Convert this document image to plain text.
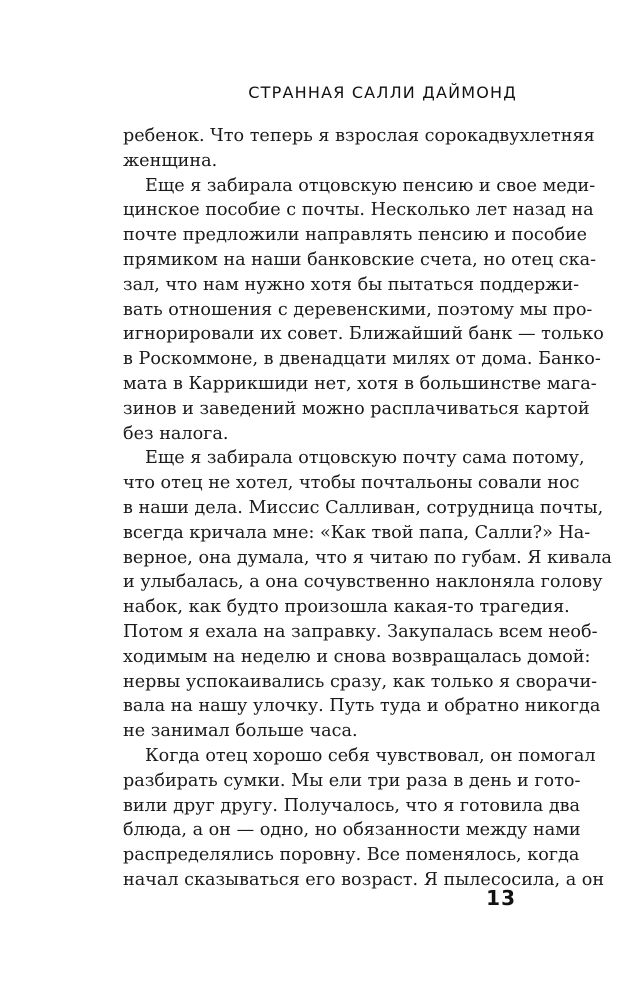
СТРАННАЯ САЛЛИ ДАЙМОНД
ребенок. Что теперь я взрослая сорокадвухлетняя
женщина.
Еще я забирала отцовскую пенсию и свое меди-
цинское пособие с почты. Несколько лет назад на
почте предложили направлять пенсию и пособие
прямиком на наши банковские счета, но отец ска-
зал, что нам нужно хотя бы пытаться поддержи-
вать отношения с деревенскими, поэтому мы про-
игнорировали их совет. Ближайший банк — только
в Роскоммоне, в двенадцати милях от дома. Банко-
мата в Каррикшиди нет, хотя в большинстве мага-
зинов и заведений можно расплачиваться картой
без налога.
Еще я забирала отцовскую почту сама потому,
что отец не хотел, чтобы почтальоны совали нос
в наши дела. Миссис Салливан, сотрудница почты,
всегда кричала мне: «Как твой папа, Салли?» На-
верное, она думала, что я читаю по губам. Я кивала
и улыбалась, а она сочувственно наклоняла голову
набок, как будто произошла какая-то трагедия.
Потом я ехала на заправку. Закупалась всем необ-
ходимым на неделю и снова возвращалась домой:
нервы успокаивались сразу, как только я сворачи-
вала на нашу улочку. Путь туда и обратно никогда
не занимал больше часа.
Когда отец хорошо себя чувствовал, он помогал
разбирать сумки. Мы ели три раза в день и гото-
вили друг другу. Получалось, что я готовила два
блюда, а он — одно, но обязанности между нами
распределялись поровну. Все поменялось, когда
начал сказываться его возраст. Я пылесосила, а он
13
